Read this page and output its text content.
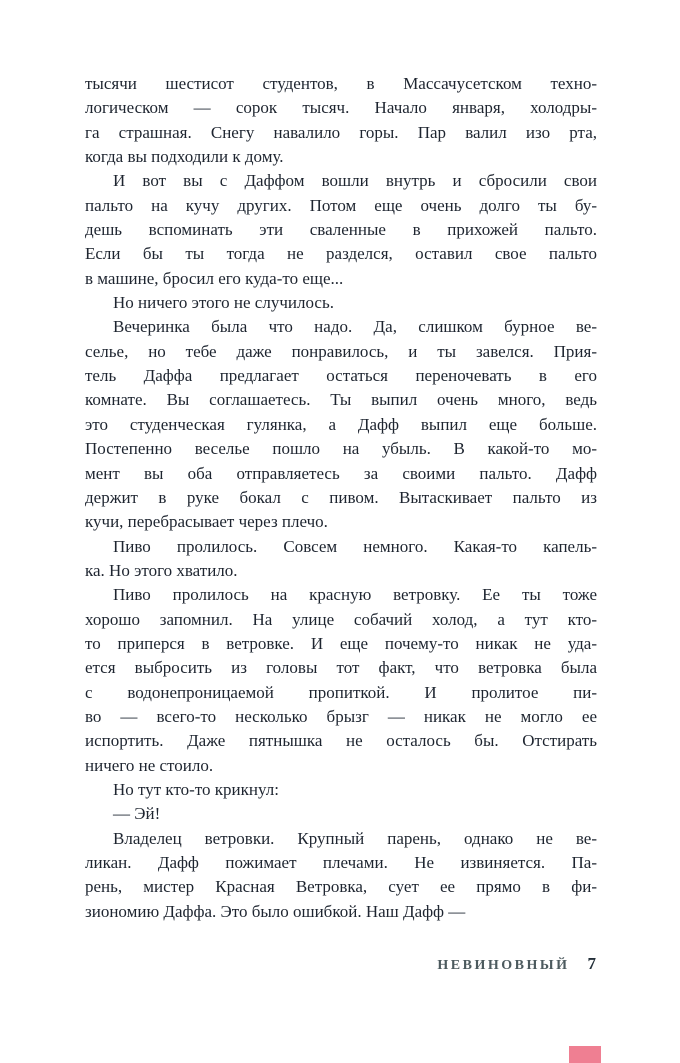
тысячи шестисот студентов, в Массачусетском техно-
логическом — сорок тысяч. Начало января, холодры-
га страшная. Снегу навалило горы. Пар валил изо рта,
когда вы подходили к дому.
И вот вы с Даффом вошли внутрь и сбросили свои
пальто на кучу других. Потом еще очень долго ты бу-
дешь вспоминать эти сваленные в прихожей пальто.
Если бы ты тогда не разделся, оставил свое пальто
в машине, бросил его куда-то еще...
Но ничего этого не случилось.
Вечеринка была что надо. Да, слишком бурное ве-
селье, но тебе даже понравилось, и ты завелся. Прия-
тель Даффа предлагает остаться переночевать в его
комнате. Вы соглашаетесь. Ты выпил очень много, ведь
это студенческая гулянка, а Дафф выпил еще больше.
Постепенно веселье пошло на убыль. В какой-то мо-
мент вы оба отправляетесь за своими пальто. Дафф
держит в руке бокал с пивом. Вытаскивает пальто из
кучи, перебрасывает через плечо.
Пиво пролилось. Совсем немного. Какая-то капель-
ка. Но этого хватило.
Пиво пролилось на красную ветровку. Ее ты тоже
хорошо запомнил. На улице собачий холод, а тут кто-
то приперся в ветровке. И еще почему-то никак не уда-
ется выбросить из головы тот факт, что ветровка была
с водонепроницаемой пропиткой. И пролитое пи-
во — всего-то несколько брызг — никак не могло ее
испортить. Даже пятнышка не осталось бы. Отстирать
ничего не стоило.
Но тут кто-то крикнул:
— Эй!
Владелец ветровки. Крупный парень, однако не ве-
ликан. Дафф пожимает плечами. Не извиняется. Па-
рень, мистер Красная Ветровка, сует ее прямо в фи-
зиономию Даффа. Это было ошибкой. Наш Дафф —
НЕВИНОВНЫЙ 7
